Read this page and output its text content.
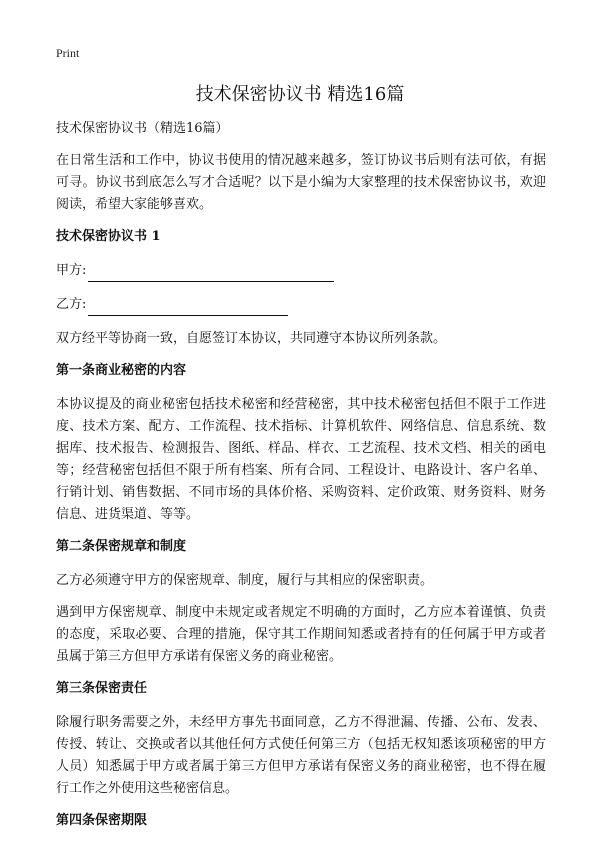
Print
技术保密协议书 精选16篇

技术保密协议书（精选16篇）

在日常生活和工作中，协议书使用的情况越来越多，签订协议书后则有法可依，有据可寻。协议书到底怎么写才合适呢？以下是小编为大家整理的技术保密协议书，欢迎阅读，希望大家能够喜欢。

技术保密协议书 1
甲方:
乙方:

双方经平等协商一致，自愿签订本协议，共同遵守本协议所列条款。

第一条商业秘密的内容

本协议提及的商业秘密包括技术秘密和经营秘密，其中技术秘密包括但不限于工作进度、技术方案、配方、工作流程、技术指标、计算机软件、网络信息、信息系统、数据库、技术报告、检测报告、图纸、样品、样衣、工艺流程、技术文档、相关的函电等；经营秘密包括但不限于所有档案、所有合同、工程设计、电路设计、客户名单、行销计划、销售数据、不同市场的具体价格、采购资料、定价政策、财务资料、财务信息、进货渠道、等等。

第二条保密规章和制度

乙方必须遵守甲方的保密规章、制度，履行与其相应的保密职责。

遇到甲方保密规章、制度中未规定或者规定不明确的方面时，乙方应本着谨慎、负责的态度，采取必要、合理的措施，保守其工作期间知悉或者持有的任何属于甲方或者虽属于第三方但甲方承诺有保密义务的商业秘密。

第三条保密责任

除履行职务需要之外，未经甲方事先书面同意，乙方不得泄漏、传播、公布、发表、传授、转让、交换或者以其他任何方式使任何第三方（包括无权知悉该项秘密的甲方人员）知悉属于甲方或者属于第三方但甲方承诺有保密义务的商业秘密，也不得在履行工作之外使用这些秘密信息。

第四条保密期限
